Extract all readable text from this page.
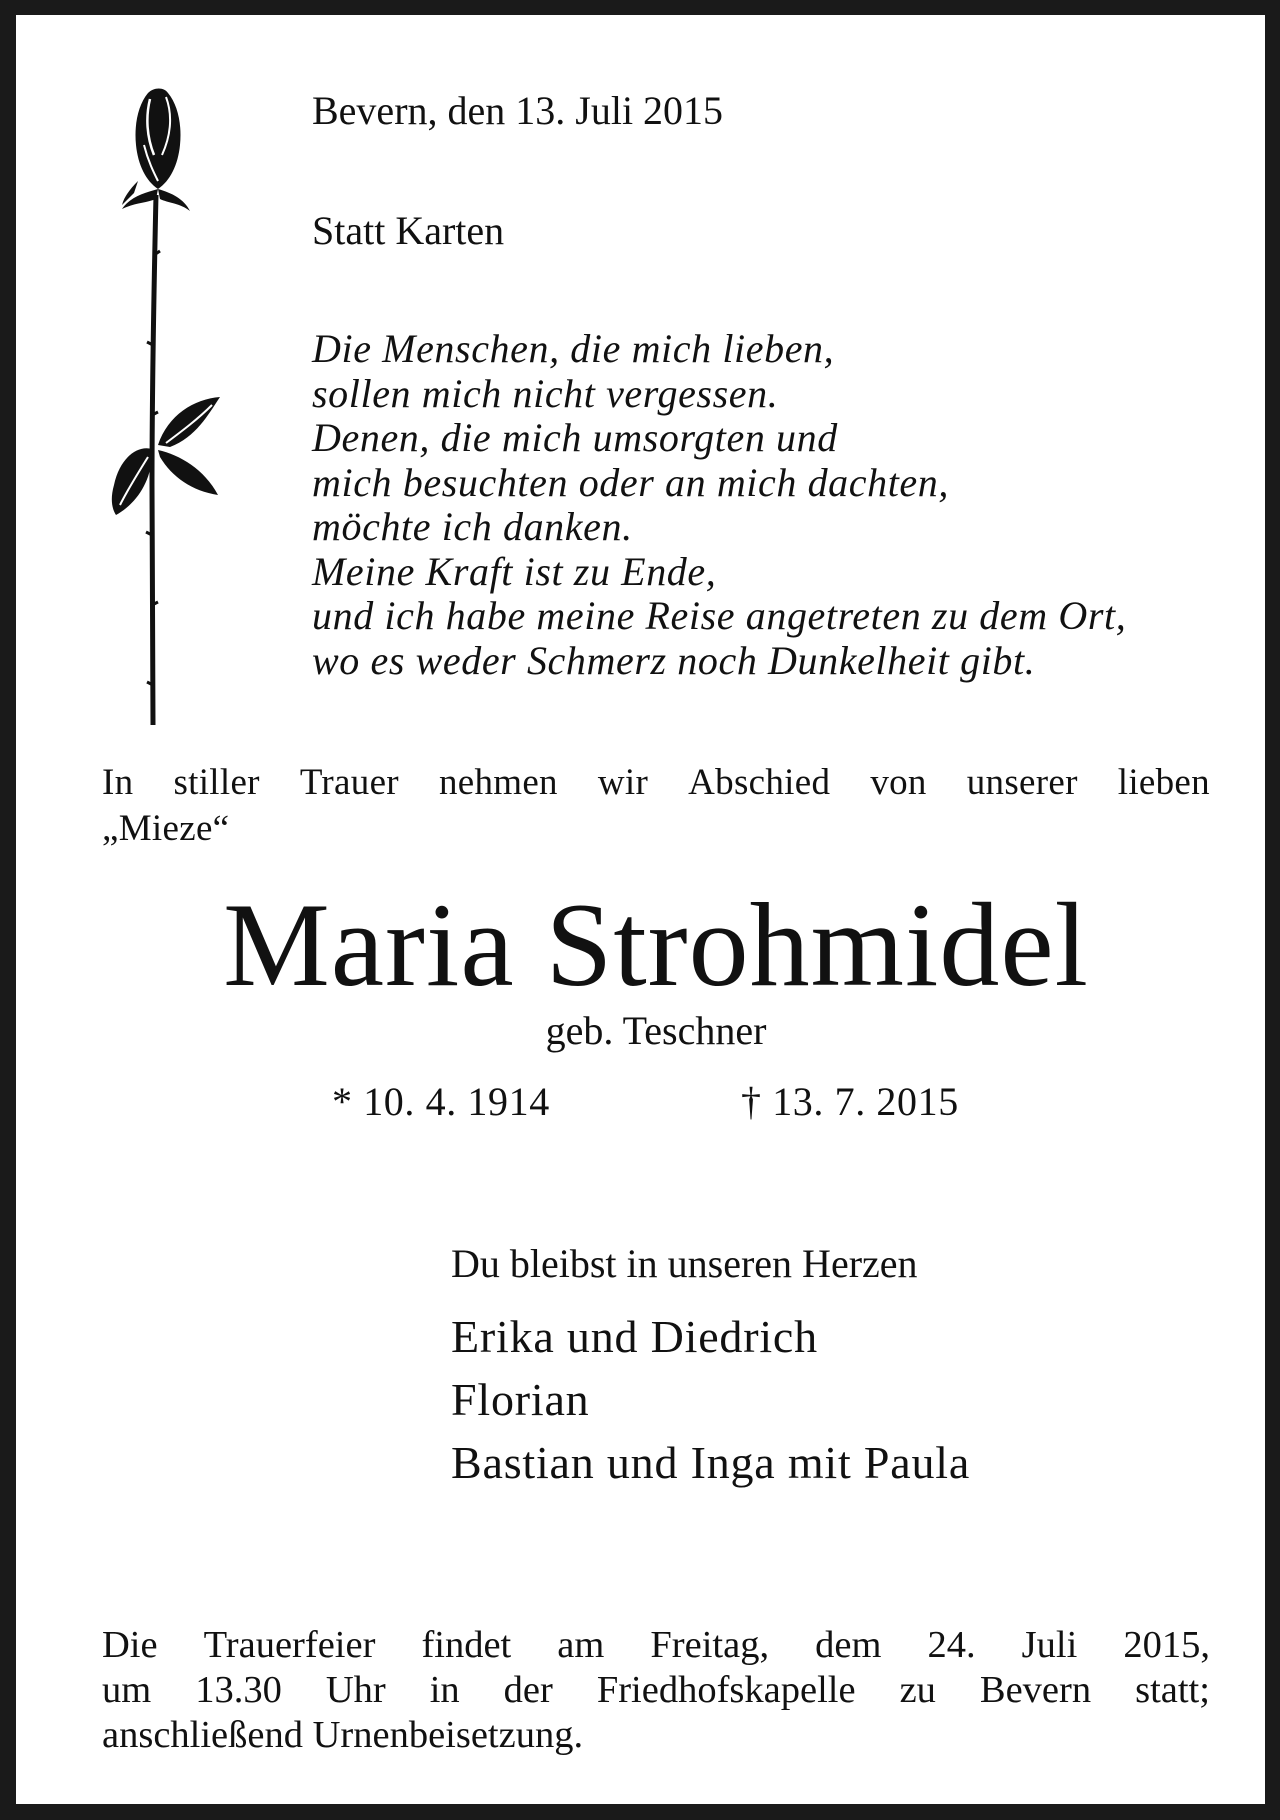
Bevern, den 13. Juli 2015

Statt Karten

Die Menschen, die mich lieben,
sollen mich nicht vergessen.
Denen, die mich umsorgten und
mich besuchten oder an mich dachten,
möchte ich danken.
Meine Kraft ist zu Ende,
und ich habe meine Reise angetreten zu dem Ort,
wo es weder Schmerz noch Dunkelheit gibt.
In stiller Trauer nehmen wir Abschied von unserer lieben
„Mieze“

Maria Strohmidel

geb. Teschner

* 10. 4. 1914	† 13. 7. 2015

Du bleibst in unseren Herzen

Erika und Diedrich
Florian
Bastian und Inga mit Paula
Die Trauerfeier findet am Freitag, dem 24. Juli 2015,
um 13.30 Uhr in der Friedhofskapelle zu Bevern statt;
anschließend Urnenbeisetzung.
